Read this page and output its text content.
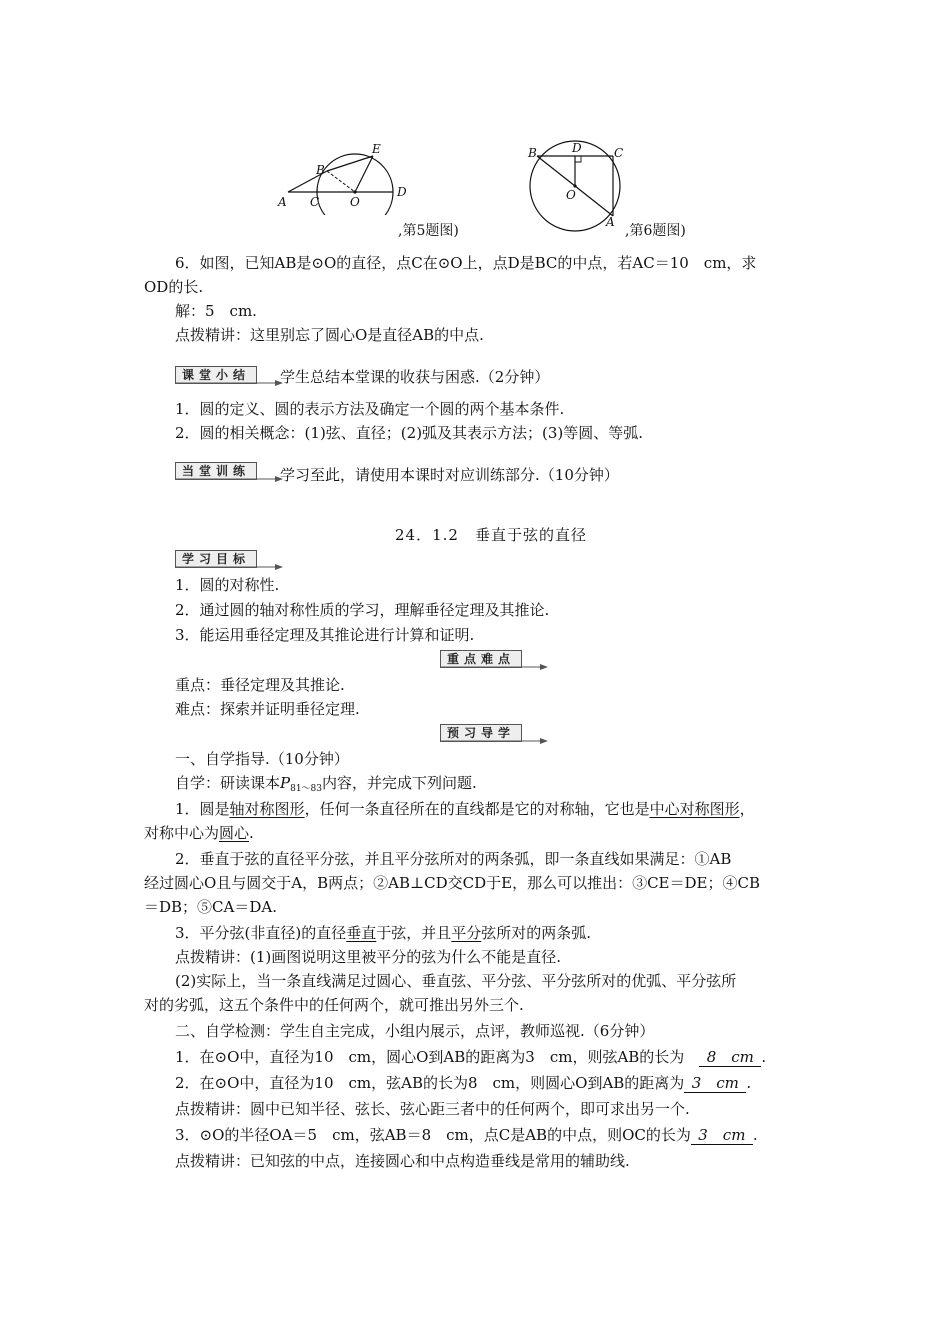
A
B
C	O
E
D
,第5题图)
B	D	C
O
A
,第6题图)
6．如图，已知AB是⊙O的直径，点C在⊙O上，点D是BC的中点，若AC＝10　cm，求
OD的长.
解：5　cm.
点拨精讲：这里别忘了圆心O是直径AB的中点.
课堂小结	学生总结本堂课的收获与困惑.（2分钟）
1．圆的定义、圆的表示方法及确定一个圆的两个基本条件.
2．圆的相关概念：(1)弦、直径；(2)弧及其表示方法；(3)等圆、等弧.
当堂训练	学习至此，请使用本课时对应训练部分.（10分钟）
24．1.2　垂直于弦的直径
学习目标
1．圆的对称性.
2．通过圆的轴对称性质的学习，理解垂径定理及其推论.
3．能运用垂径定理及其推论进行计算和证明.
重点难点
重点：垂径定理及其推论.
难点：探索并证明垂径定理.
预习导学
一、自学指导.（10分钟）
自学：研读课本$P_{81\sim 83}$内容，并完成下列问题.
1．圆是轴对称图形，任何一条直径所在的直线都是它的对称轴，它也是中心对称图形，
对称中心为圆心.
2．垂直于弦的直径平分弦，并且平分弦所对的两条弧，即一条直线如果满足：①AB
经过圆心O且与圆交于A，B两点；②AB⊥CD交CD于E，那么可以推出：③CE＝DE；④CB
＝DB；⑤CA＝DA.
3．平分弦(非直径)的直径垂直于弦，并且平分弦所对的两条弧.
点拨精讲：(1)画图说明这里被平分的弦为什么不能是直径.
(2)实际上，当一条直线满足过圆心、垂直弦、平分弦、平分弦所对的优弧、平分弦所
对的劣弧，这五个条件中的任何两个，就可推出另外三个.
二、自学检测：学生自主完成，小组内展示，点评，教师巡视.（6分钟）
1．在⊙O中，直径为10　cm，圆心O到AB的距离为3　cm，则弦AB的长为　 8　cm .
2．在⊙O中，直径为10　cm，弦AB的长为8　cm，则圆心O到AB的距离为 3　cm .
点拨精讲：圆中已知半径、弦长、弦心距三者中的任何两个，即可求出另一个.
3．⊙O的半径OA＝5　cm，弦AB＝8　cm，点C是AB的中点，则OC的长为 3　cm .
点拨精讲：已知弦的中点，连接圆心和中点构造垂线是常用的辅助线.
